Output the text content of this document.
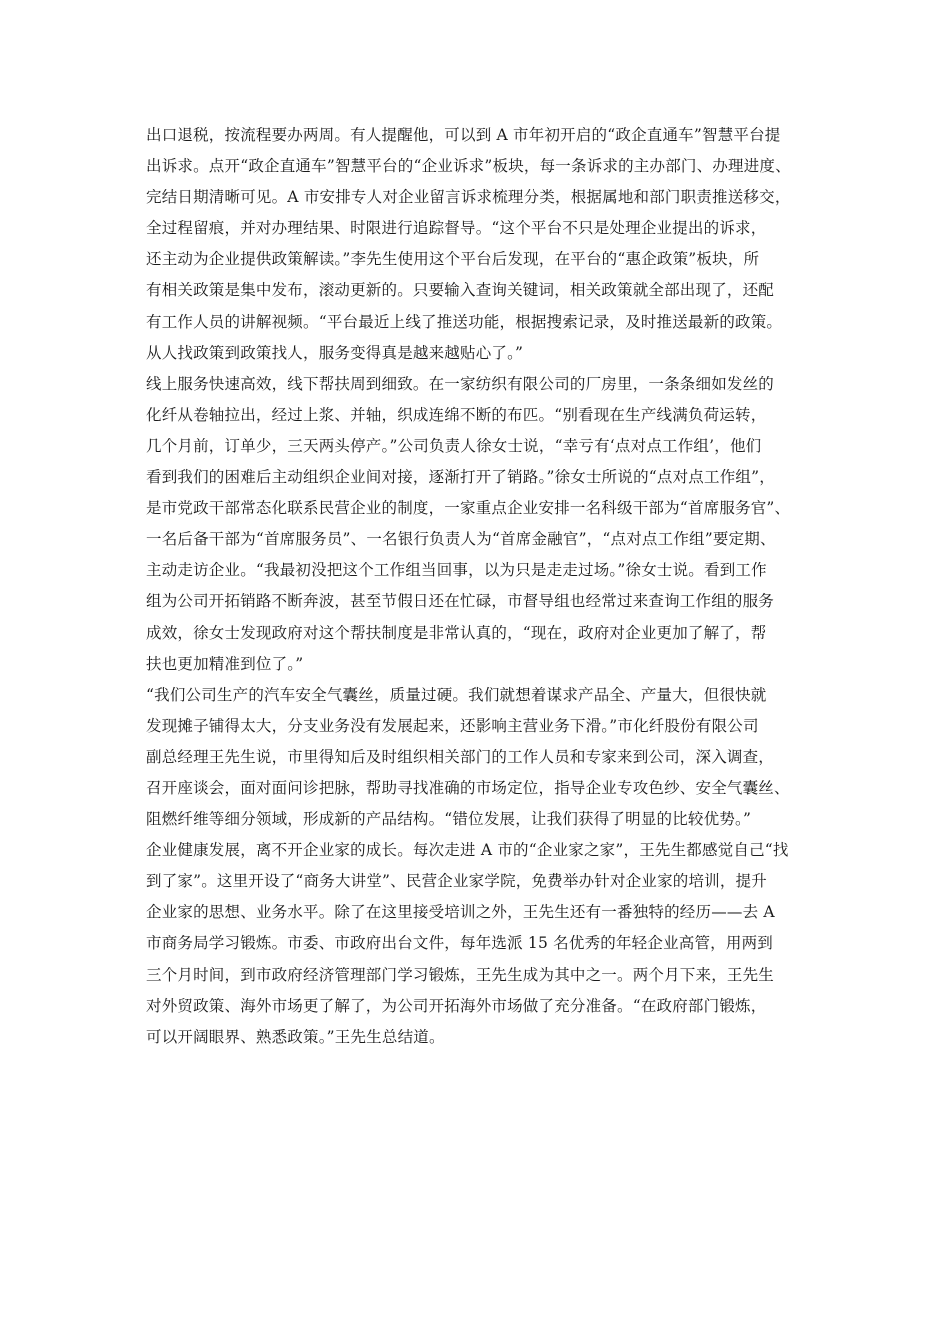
出口退税，按流程要办两周。有人提醒他，可以到 A 市年初开启的“政企直通车”智慧平台提
出诉求。点开“政企直通车”智慧平台的“企业诉求”板块，每一条诉求的主办部门、办理进度、
完结日期清晰可见。A 市安排专人对企业留言诉求梳理分类，根据属地和部门职责推送移交，
全过程留痕，并对办理结果、时限进行追踪督导。“这个平台不只是处理企业提出的诉求，
还主动为企业提供政策解读。”李先生使用这个平台后发现，在平台的“惠企政策”板块，所
有相关政策是集中发布，滚动更新的。只要输入查询关键词，相关政策就全部出现了，还配
有工作人员的讲解视频。“平台最近上线了推送功能，根据搜索记录，及时推送最新的政策。
从人找政策到政策找人，服务变得真是越来越贴心了。”
线上服务快速高效，线下帮扶周到细致。在一家纺织有限公司的厂房里，一条条细如发丝的
化纤从卷轴拉出，经过上浆、并轴，织成连绵不断的布匹。“别看现在生产线满负荷运转，
几个月前，订单少，三天两头停产。”公司负责人徐女士说，“幸亏有‘点对点工作组’，他们
看到我们的困难后主动组织企业间对接，逐渐打开了销路。”徐女士所说的“点对点工作组”，
是市党政干部常态化联系民营企业的制度，一家重点企业安排一名科级干部为“首席服务官”、
一名后备干部为“首席服务员”、一名银行负责人为“首席金融官”，“点对点工作组”要定期、
主动走访企业。“我最初没把这个工作组当回事，以为只是走走过场。”徐女士说。看到工作
组为公司开拓销路不断奔波，甚至节假日还在忙碌，市督导组也经常过来查询工作组的服务
成效，徐女士发现政府对这个帮扶制度是非常认真的，“现在，政府对企业更加了解了，帮
扶也更加精准到位了。”
“我们公司生产的汽车安全气囊丝，质量过硬。我们就想着谋求产品全、产量大，但很快就
发现摊子铺得太大，分支业务没有发展起来，还影响主营业务下滑。”市化纤股份有限公司
副总经理王先生说，市里得知后及时组织相关部门的工作人员和专家来到公司，深入调查，
召开座谈会，面对面问诊把脉，帮助寻找准确的市场定位，指导企业专攻色纱、安全气囊丝、
阻燃纤维等细分领域，形成新的产品结构。“错位发展，让我们获得了明显的比较优势。”
企业健康发展，离不开企业家的成长。每次走进 A 市的“企业家之家”，王先生都感觉自己“找
到了家”。这里开设了“商务大讲堂”、民营企业家学院，免费举办针对企业家的培训，提升
企业家的思想、业务水平。除了在这里接受培训之外，王先生还有一番独特的经历——去 A
市商务局学习锻炼。市委、市政府出台文件，每年选派 15 名优秀的年轻企业高管，用两到
三个月时间，到市政府经济管理部门学习锻炼，王先生成为其中之一。两个月下来，王先生
对外贸政策、海外市场更了解了，为公司开拓海外市场做了充分准备。“在政府部门锻炼，
可以开阔眼界、熟悉政策。”王先生总结道。
